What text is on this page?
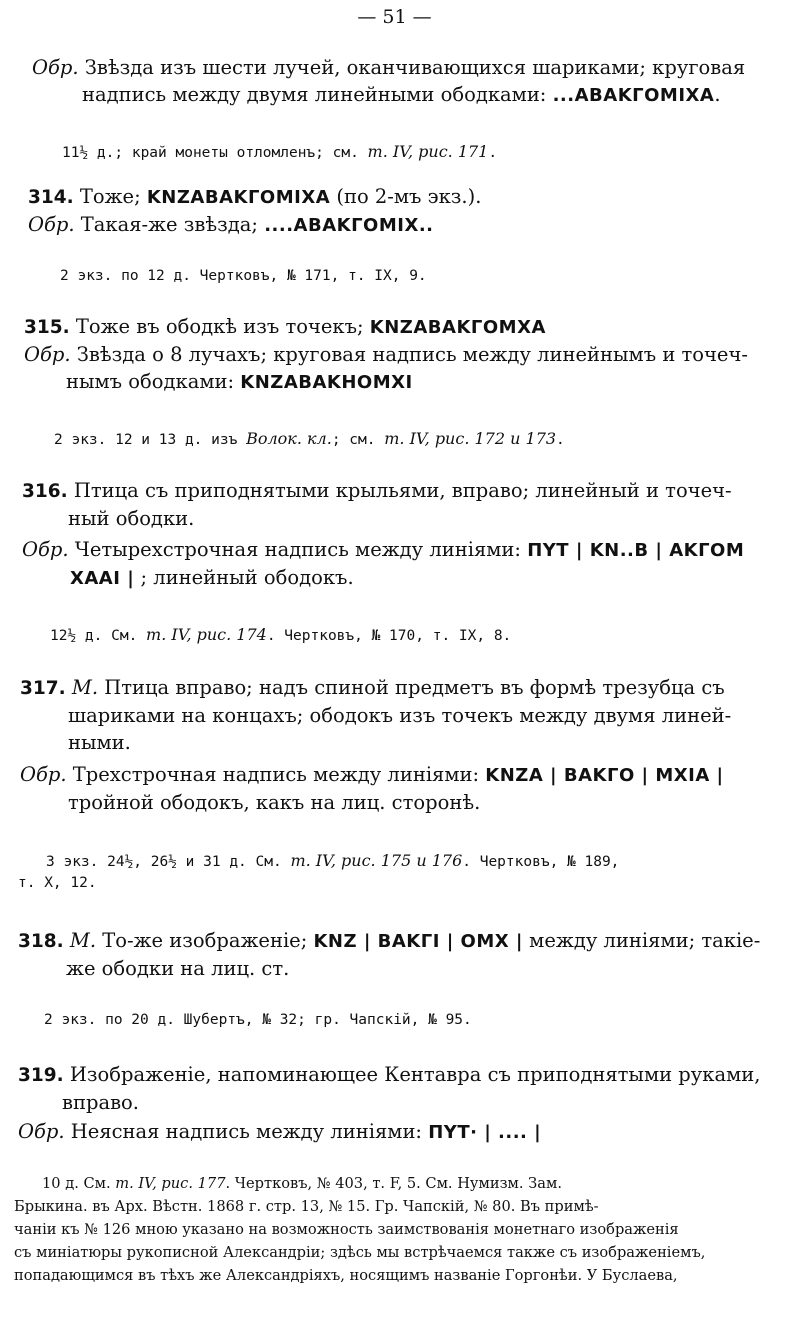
— 51 —
Обр. Звѣзда изъ шести лучей, оканчивающихся шариками; круговая
надпись между двумя линейными ободками: ...ABAKГOMIXA.
11½ д.; край монеты отломленъ; см. т. IV, рис. 171.
314. Тоже; KNZABAKГOMIXA (по 2-мъ экз.).
Обр. Такая-же звѣзда; ....ABAKГOMIX..
2 экз. по 12 д. Чертковъ, № 171, т. IX, 9.
315. Тоже въ ободкѣ изъ точекъ; KNZABAKГOMXA
Обр. Звѣзда о 8 лучахъ; круговая надпись между линейнымъ и точеч-
нымъ ободками: KNZABAKHOMXI
2 экз. 12 и 13 д. изъ Волок. кл.; см. т. IV, рис. 172 и 173.
316. Птица съ приподнятыми крыльями, вправо; линейный и точеч-
ный ободки.
Обр. Четырехстрочная надпись между линіями: ПYT | KN..B | AKГOM
XAAI | ; линейный ободокъ.
12½ д. См. т. IV, рис. 174. Чертковъ, № 170, т. IX, 8.
317. M. Птица вправо; надъ спиной предметъ въ формѣ трезубца съ
шариками на концахъ; ободокъ изъ точекъ между двумя линей-
ными.
Обр. Трехстрочная надпись между линіями: KNZA | BAKГO | MXIA |
тройной ободокъ, какъ на лиц. сторонѣ.
3 экз. 24½, 26½ и 31 д. См. т. IV, рис. 175 и 176. Чертковъ, № 189,
т. X, 12.
318. M. То-же изображеніе; KNZ | BAKГI | OMX | между линіями; такіе-
же ободки на лиц. ст.
2 экз. по 20 д. Шубертъ, № 32; гр. Чапскій, № 95.
319. Изображеніе, напоминающее Кентавра съ приподнятыми руками,
вправо.
Обр. Неясная надпись между линіями: ПYT· | .... |
10 д. См. т. IV, рис. 177. Чертковъ, № 403, т. F, 5. См. Нумизм. Зам.
Брыкина. въ Арх. Вѣстн. 1868 г. стр. 13, № 15. Гр. Чапскій, № 80. Въ примѣ-
чаніи къ № 126 мною указано на возможность заимствованія монетнаго изображенія
съ миніатюры рукописной Александріи; здѣсь мы встрѣчаемся также съ изображеніемъ,
попадающимся въ тѣхъ же Александріяхъ, носящимъ названіе Горгонѣи. У Буслаева,
